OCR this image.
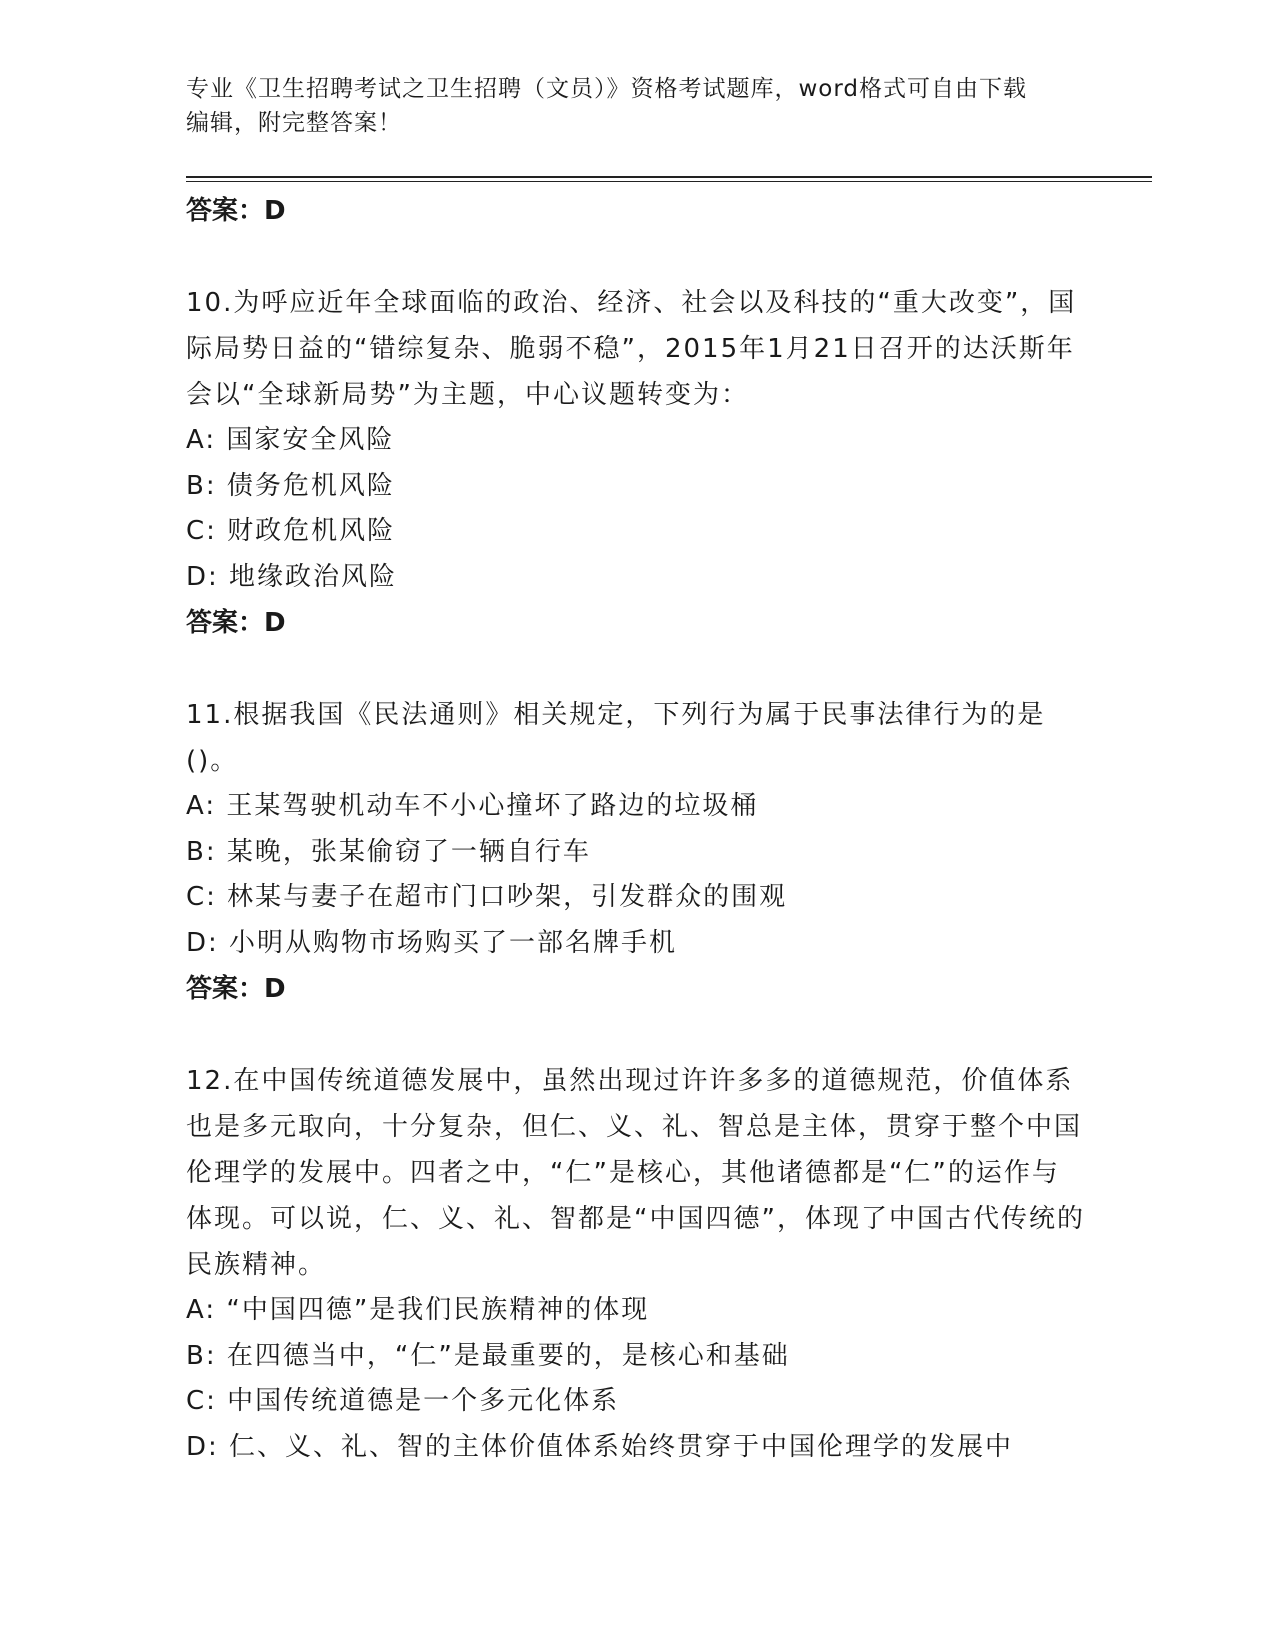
专业《卫生招聘考试之卫生招聘（文员）》资格考试题库，word格式可自由下载
编辑，附完整答案！

答案：D

10.为呼应近年全球面临的政治、经济、社会以及科技的“重大改变”，国际局势日益的“错综复杂、脆弱不稳”，2015年1月21日召开的达沃斯年会以“全球新局势”为主题，中心议题转变为：

A: 国家安全风险

B: 债务危机风险

C: 财政危机风险

D: 地缘政治风险

答案：D

11.根据我国《民法通则》相关规定，下列行为属于民事法律行为的是()。

A: 王某驾驶机动车不小心撞坏了路边的垃圾桶

B: 某晚，张某偷窃了一辆自行车

C: 林某与妻子在超市门口吵架，引发群众的围观

D: 小明从购物市场购买了一部名牌手机

答案：D

12.在中国传统道德发展中，虽然出现过许许多多的道德规范，价值体系也是多元取向，十分复杂，但仁、义、礼、智总是主体，贯穿于整个中国伦理学的发展中。四者之中，“仁”是核心，其他诸德都是“仁”的运作与体现。可以说，仁、义、礼、智都是“中国四德”，体现了中国古代传统的民族精神。

A: “中国四德”是我们民族精神的体现

B: 在四德当中，“仁”是最重要的，是核心和基础

C: 中国传统道德是一个多元化体系

D: 仁、义、礼、智的主体价值体系始终贯穿于中国伦理学的发展中
